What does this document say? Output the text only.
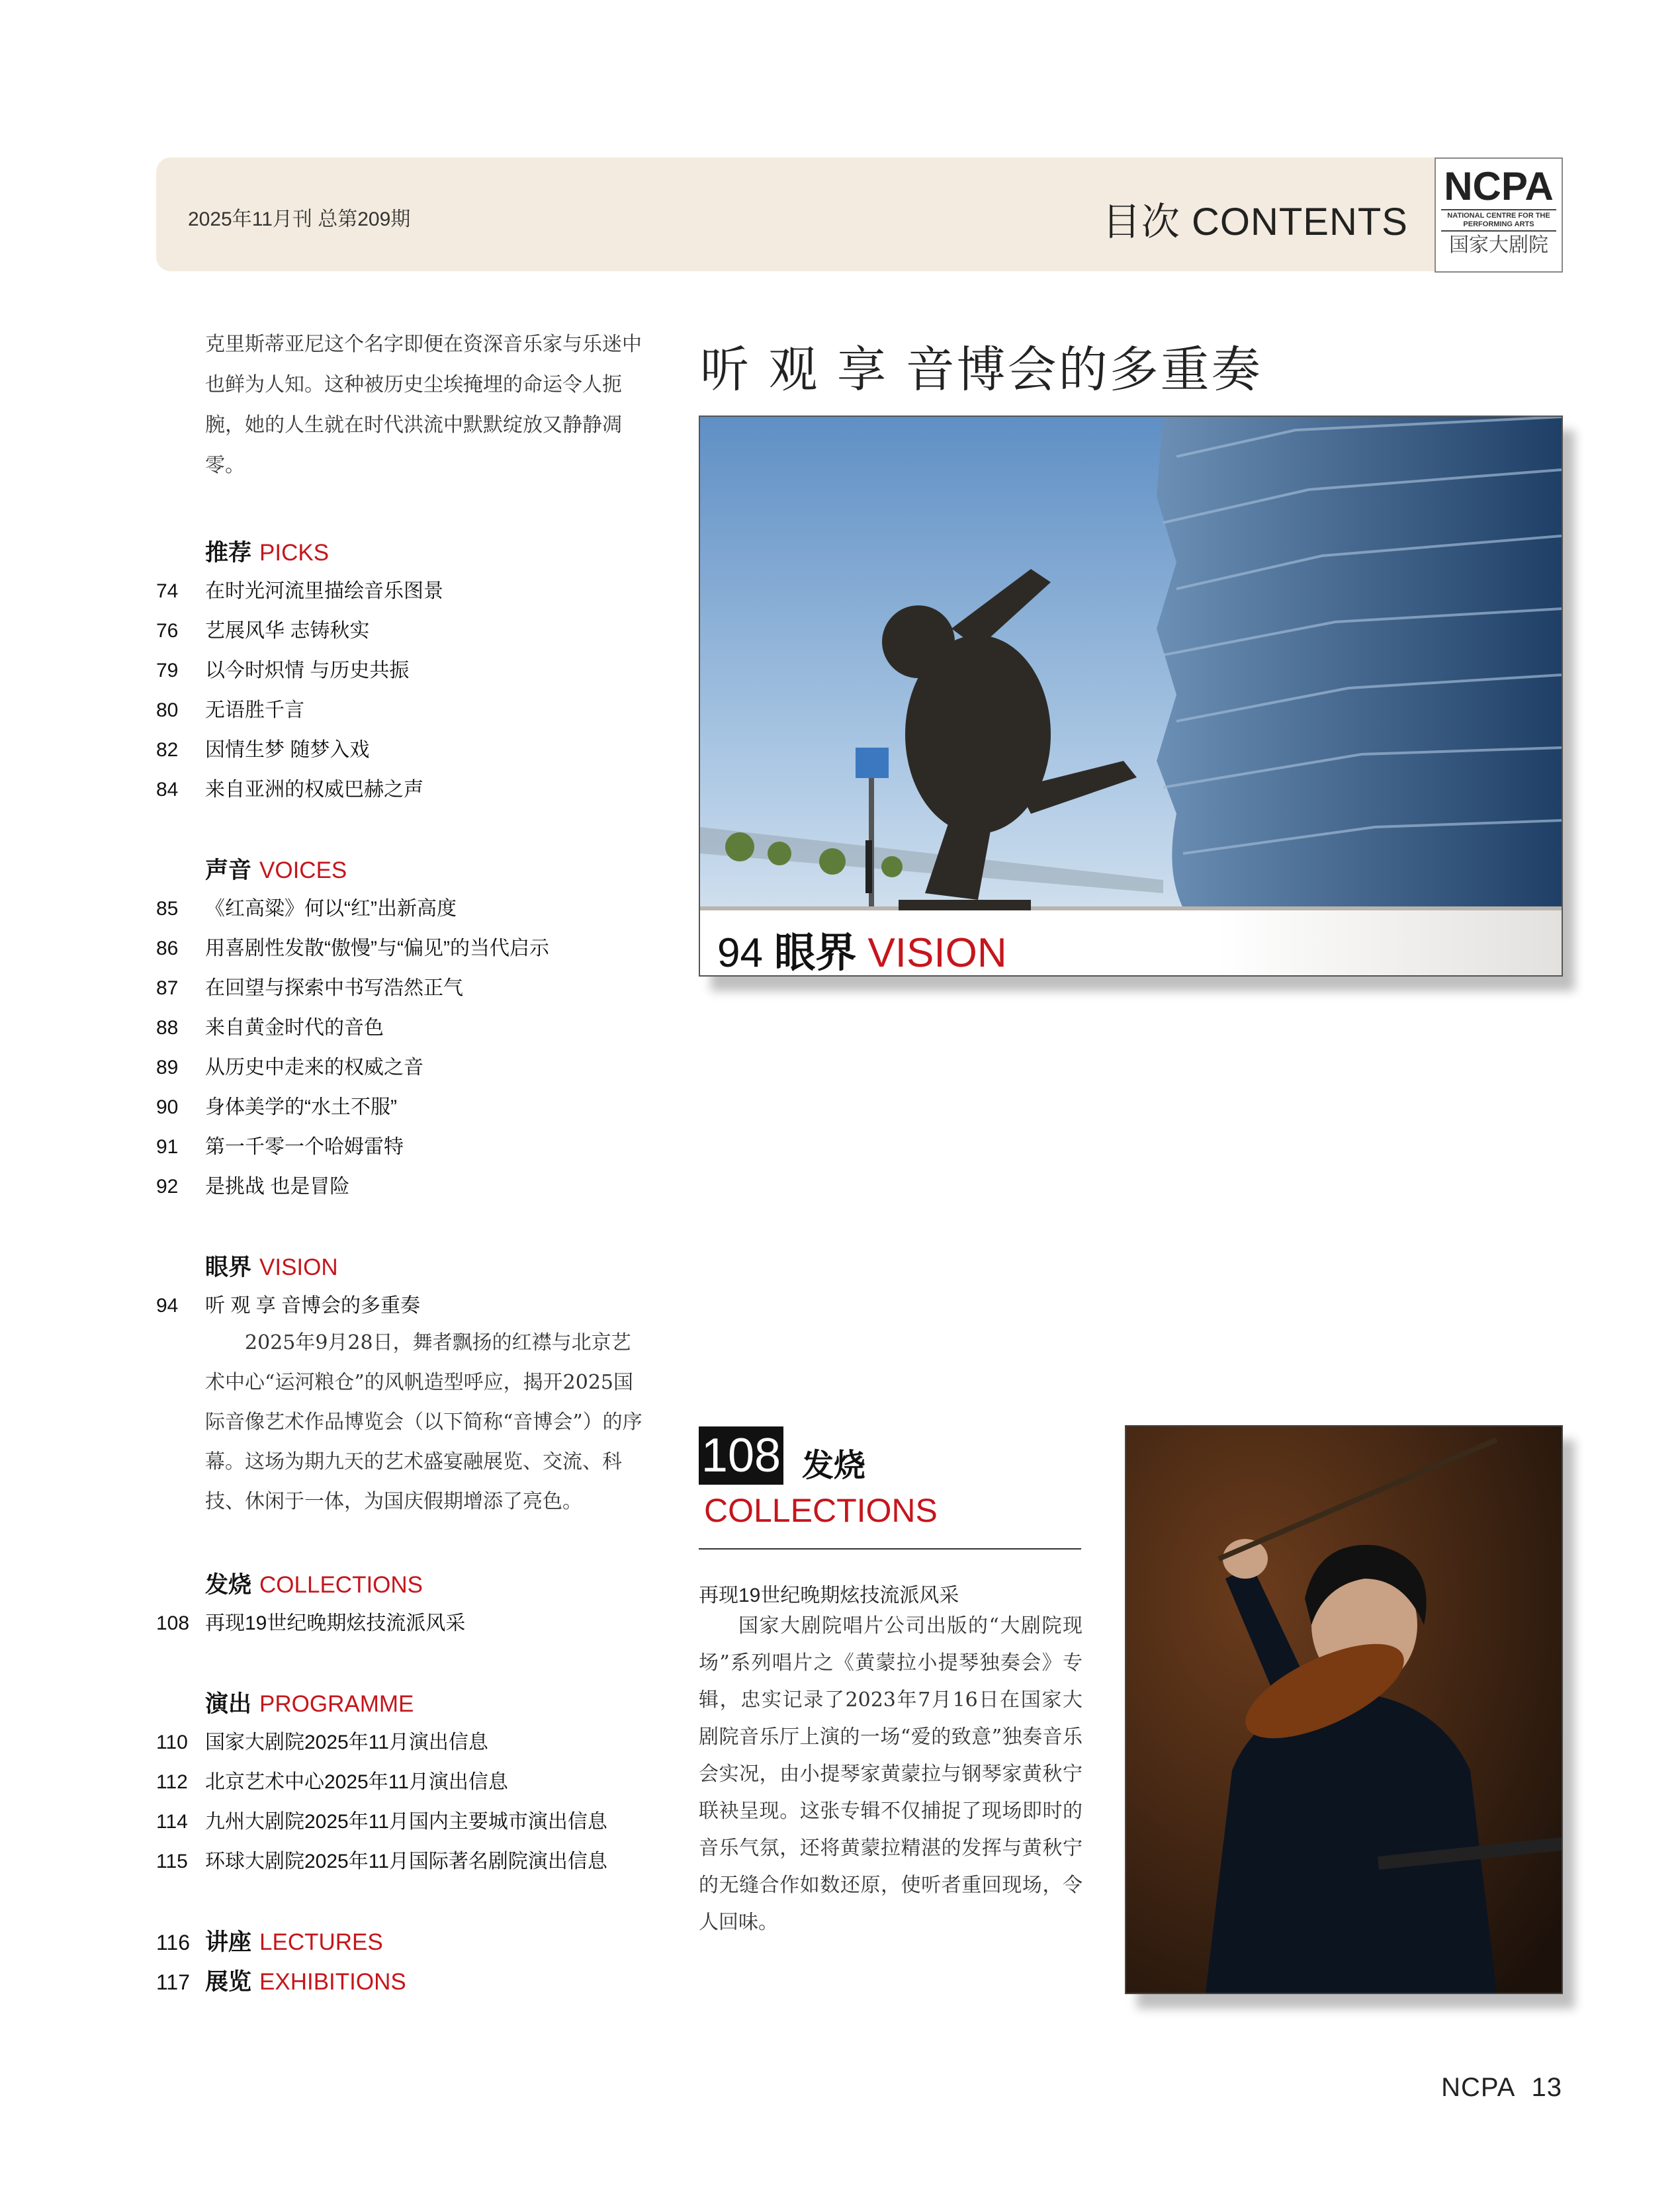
2025年11月刊 总第209期	目次 CONTENTS
NCPA
NATIONAL CENTRE FOR THE PERFORMING ARTS
国家大剧院
克里斯蒂亚尼这个名字即便在资深音乐家与乐迷中也鲜为人知。这种被历史尘埃掩埋的命运令人扼腕，她的人生就在时代洪流中默默绽放又静静凋零。
推荐 PICKS
74 在时光河流里描绘音乐图景
76 艺展风华 志铸秋实
79 以今时炽情 与历史共振
80 无语胜千言
82 因情生梦 随梦入戏
84 来自亚洲的权威巴赫之声
声音 VOICES
85 《红高粱》何以“红”出新高度
86 用喜剧性发散“傲慢”与“偏见”的当代启示
87 在回望与探索中书写浩然正气
88 来自黄金时代的音色
89 从历史中走来的权威之音
90 身体美学的“水土不服”
91 第一千零一个哈姆雷特
92 是挑战 也是冒险
眼界 VISION
94 听 观 享 音博会的多重奏
2025年9月28日，舞者飘扬的红襟与北京艺术中心“运河粮仓”的风帆造型呼应，揭开2025国际音像艺术作品博览会（以下简称“音博会”）的序幕。这场为期九天的艺术盛宴融展览、交流、科技、休闲于一体，为国庆假期增添了亮色。
发烧 COLLECTIONS
108 再现19世纪晚期炫技流派风采
演出 PROGRAMME
110 国家大剧院2025年11月演出信息
112 北京艺术中心2025年11月演出信息
114 九州大剧院2025年11月国内主要城市演出信息
115 环球大剧院2025年11月国际著名剧院演出信息
116 讲座 LECTURES
117 展览 EXHIBITIONS
听 观 享 音博会的多重奏
94 眼界 VISION
108 发烧
COLLECTIONS
再现19世纪晚期炫技流派风采
国家大剧院唱片公司出版的“大剧院现场”系列唱片之《黄蒙拉小提琴独奏会》专辑，忠实记录了2023年7月16日在国家大剧院音乐厅上演的一场“爱的致意”独奏音乐会实况，由小提琴家黄蒙拉与钢琴家黄秋宁联袂呈现。这张专辑不仅捕捉了现场即时的音乐气氛，还将黄蒙拉精湛的发挥与黄秋宁的无缝合作如数还原，使听者重回现场，令人回味。
NCPA 13
